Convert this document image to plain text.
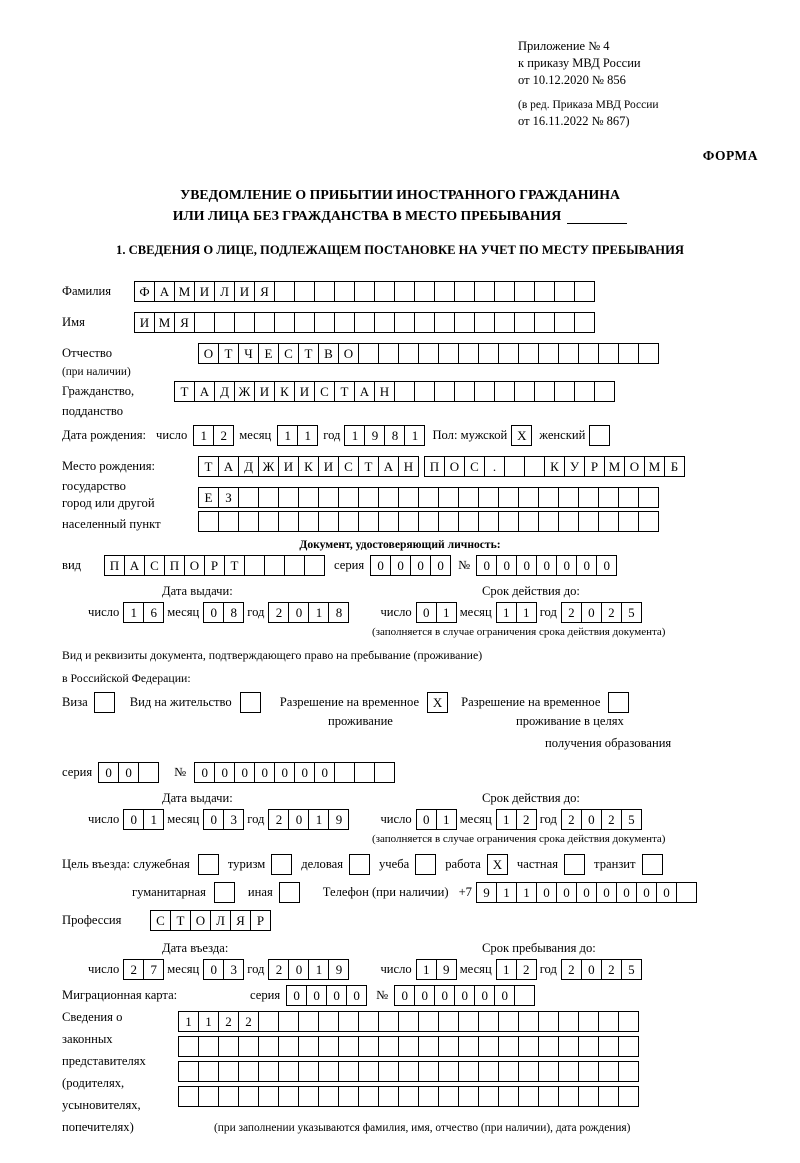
Приложение № 4
к приказу МВД России
от 10.12.2020 № 856
(в ред. Приказа МВД России
от 16.11.2022 № 867)
ФОРМА
УВЕДОМЛЕНИЕ О ПРИБЫТИИ ИНОСТРАННОГО ГРАЖДАНИНА
ИЛИ ЛИЦА БЕЗ ГРАЖДАНСТВА В МЕСТО ПРЕБЫВАНИЯ
1. СВЕДЕНИЯ О ЛИЦЕ, ПОДЛЕЖАЩЕМ ПОСТАНОВКЕ НА УЧЕТ ПО МЕСТУ ПРЕБЫВАНИЯ
Фамилия	Ф А М И Л И Я
Имя	И М Я
Отчество	О Т Ч Е С Т В О
(при наличии)
Гражданство,	Т А Д Ж И К И С Т А Н
подданство
Дата рождения: число	1	2 месяц	1	1 год 1	9	8	1	Пол: мужской X	женский
Место рождения:	Т А Д Ж И К И С Т А Н	П О С	.	К У Р М О М Б
государство
Е З
город или другой
населенный пункт
Документ, удостоверяющий личность:
вид	П А С П О Р Т	серия	0	0	0	0	№	0	0	0	0	0	0	0
Дата выдачи:	Срок действия до:
число 1	6 месяц 0	8 год 2	0	1	8	число 0	1 месяц 1	1 год 2	0	2	5
(заполняется в случае ограничения срока действия документа)
Вид и реквизиты документа, подтверждающего право на пребывание (проживание)
в Российской Федерации:
Виза	Вид на жительство	Разрешение на временное	X	Разрешение на временное
проживание	проживание в целях
получения образования
серия	0	0	№	0	0	0	0	0	0	0
Дата выдачи:	Срок действия до:
число 0	1 месяц 0	3 год 2	0	1	9	число 0	1 месяц 1	2 год 2	0	2	5
(заполняется в случае ограничения срока действия документа)
Цель въезда: служебная	туризм	деловая	учеба	работа X	частная	транзит
гуманитарная	иная	Телефон (при наличии) +7 9	1	1	0	0	0	0	0	0	0
Профессия	С Т О Л Я Р
Дата въезда:	Срок пребывания до:
число 2	7 месяц 0	3 год 2	0	1	9	число 1	9 месяц 1	2 год 2	0	2	5
Миграционная карта:	серия	0	0	0	0	№	0	0	0	0	0	0
Сведения о	1	1	2	2
законных
представителях
(родителях,
усыновителях,
попечителях)	(при заполнении указываются фамилия, имя, отчество (при наличии), дата рождения)
